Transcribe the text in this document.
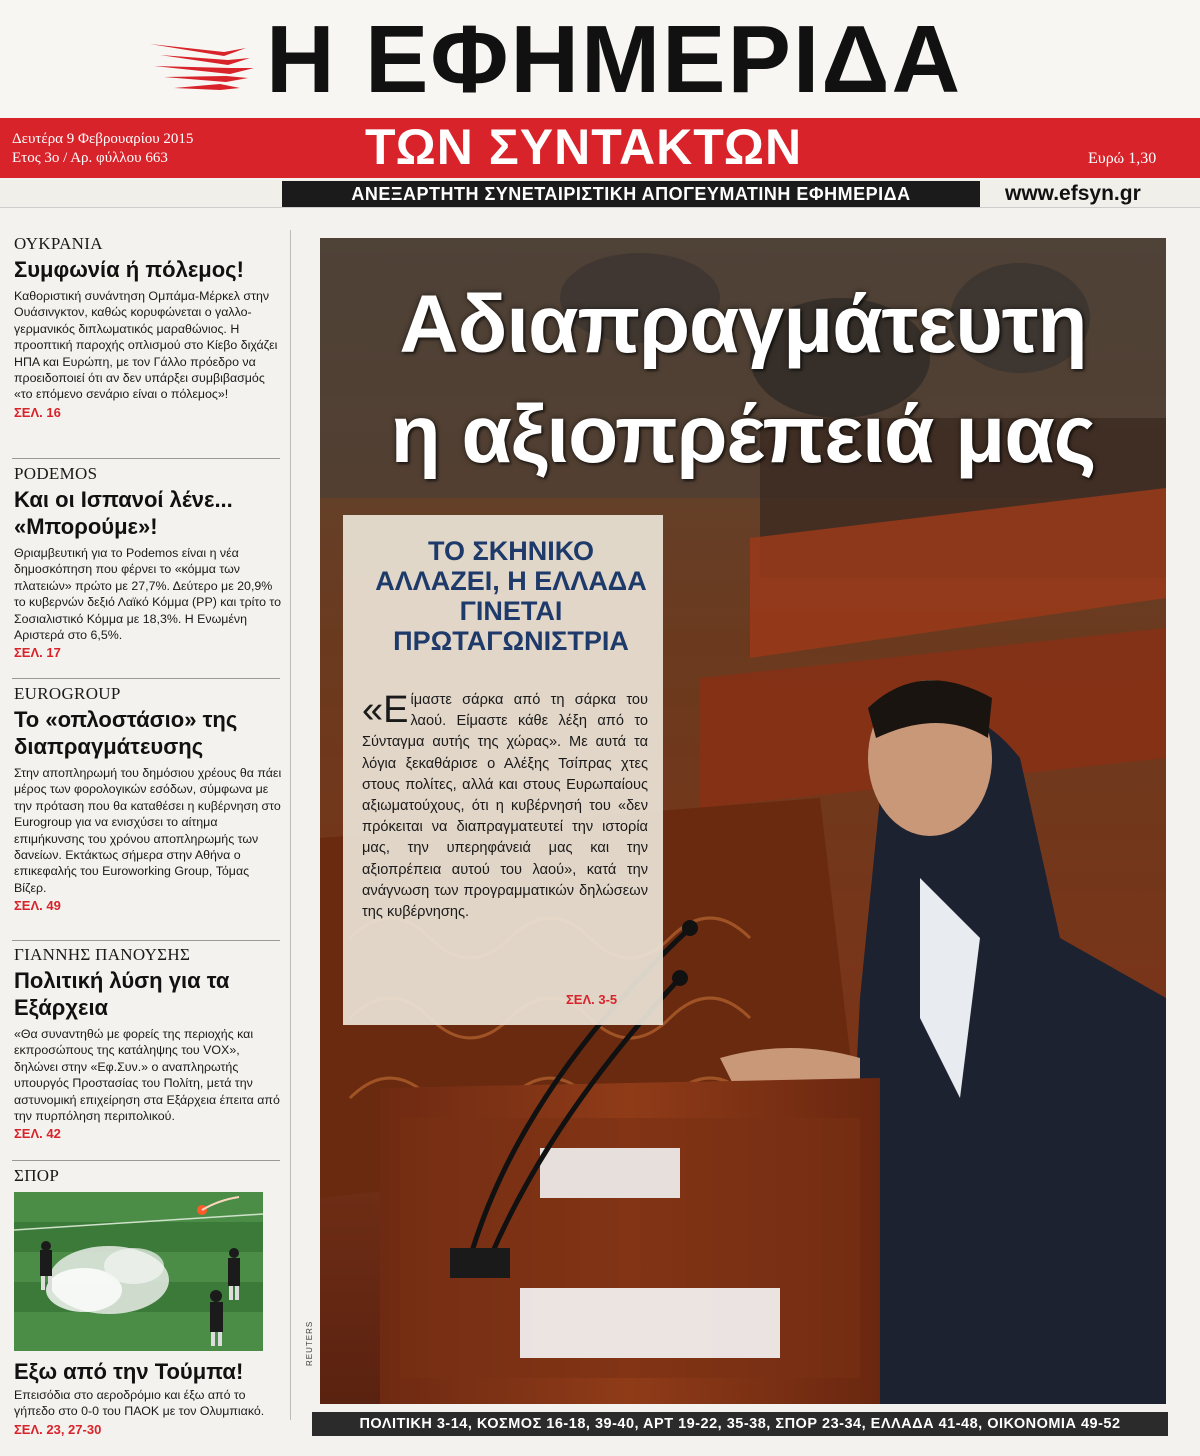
Η ΕΦΗΜΕΡΙΔΑ
Δευτέρα 9 Φεβρουαρίου 2015
Ετος 3ο / Αρ. φύλλου 663	ΤΩΝ ΣΥΝΤΑΚΤΩΝ	Ευρώ 1,30
ΑΝΕΞΑΡΤΗΤΗ ΣΥΝΕΤΑΙΡΙΣΤΙΚΗ ΑΠΟΓΕΥΜΑΤΙΝΗ ΕΦΗΜΕΡΙΔΑ	www.efsyn.gr
ΟΥΚΡΑΝΙΑ
Συμφωνία ή πόλεμος!
Καθοριστική συνάντηση Ομπάμα-Μέρκελ στην Ουάσινγκτον, καθώς κορυφώνεται ο γαλλο-γερμανικός διπλωματικός μαραθώνιος. Η προοπτική παροχής οπλισμού στο Κίεβο διχάζει ΗΠΑ και Ευρώπη, με τον Γάλλο πρόεδρο να προειδοποιεί ότι αν δεν υπάρξει συμβιβασμός «το επόμενο σενάριο είναι ο πόλεμος»!
ΣΕΛ. 16
PODEMOS
Και οι Ισπανοί λένε... «Μπορούμε»!
Θριαμβευτική για το Podemos είναι η νέα δημοσκόπηση που φέρνει το «κόμμα των πλατειών» πρώτο με 27,7%. Δεύτερο με 20,9% το κυβερνών δεξιό Λαϊκό Κόμμα (PP) και τρίτο το Σοσιαλιστικό Κόμμα με 18,3%. Η Ενωμένη Αριστερά στο 6,5%.
ΣΕΛ. 17
EUROGROUP
Το «οπλοστάσιο» της διαπραγμάτευσης
Στην αποπληρωμή του δημόσιου χρέους θα πάει μέρος των φορολογικών εσόδων, σύμφωνα με την πρόταση που θα καταθέσει η κυβέρνηση στο Eurogroup για να ενισχύσει το αίτημα επιμήκυνσης του χρόνου αποπληρωμής των δανείων. Εκτάκτως σήμερα στην Αθήνα ο επικεφαλής του Euroworking Group, Τόμας Βίζερ.
ΣΕΛ. 49
ΓΙΑΝΝΗΣ ΠΑΝΟΥΣΗΣ
Πολιτική λύση για τα Εξάρχεια
«Θα συναντηθώ με φορείς της περιοχής και εκπροσώπους της κατάληψης του VOX», δηλώνει στην «Εφ.Συν.» ο αναπληρωτής υπουργός Προστασίας του Πολίτη, μετά την αστυνομική επιχείρηση στα Εξάρχεια έπειτα από την πυρπόληση περιπολικού.
ΣΕΛ. 42
ΣΠΟΡ
Εξω από την Τούμπα!
Επεισόδια στο αεροδρόμιο και έξω από το γήπεδο στο 0-0 του ΠΑΟΚ με τον Ολυμπιακό.
ΣΕΛ. 23, 27-30
Αδιαπραγμάτευτη
η αξιοπρέπειά μας
ΤΟ ΣΚΗΝΙΚΟ ΑΛΛΑΖΕΙ, Η ΕΛΛΑΔΑ ΓΙΝΕΤΑΙ ΠΡΩΤΑΓΩΝΙΣΤΡΙΑ
«Είμαστε σάρκα από τη σάρκα του λαού. Είμαστε κάθε λέξη από το Σύνταγμα αυτής της χώρας». Με αυτά τα λόγια ξεκαθάρισε ο Αλέξης Τσίπρας χτες στους πολίτες, αλλά και στους Ευρωπαίους αξιωματούχους, ότι η κυβέρνησή του «δεν πρόκειται να διαπραγματευτεί την ιστορία μας, την υπερηφάνειά μας και την αξιοπρέπεια αυτού του λαού», κατά την ανάγνωση των προγραμματικών δηλώσεων της κυβέρνησης.
ΣΕΛ. 3-5
REUTERS
ΠΟΛΙΤΙΚΗ 3-14, ΚΟΣΜΟΣ 16-18, 39-40, ΑΡΤ 19-22, 35-38, ΣΠΟΡ 23-34, ΕΛΛΑΔΑ 41-48, ΟΙΚΟΝΟΜΙΑ 49-52
